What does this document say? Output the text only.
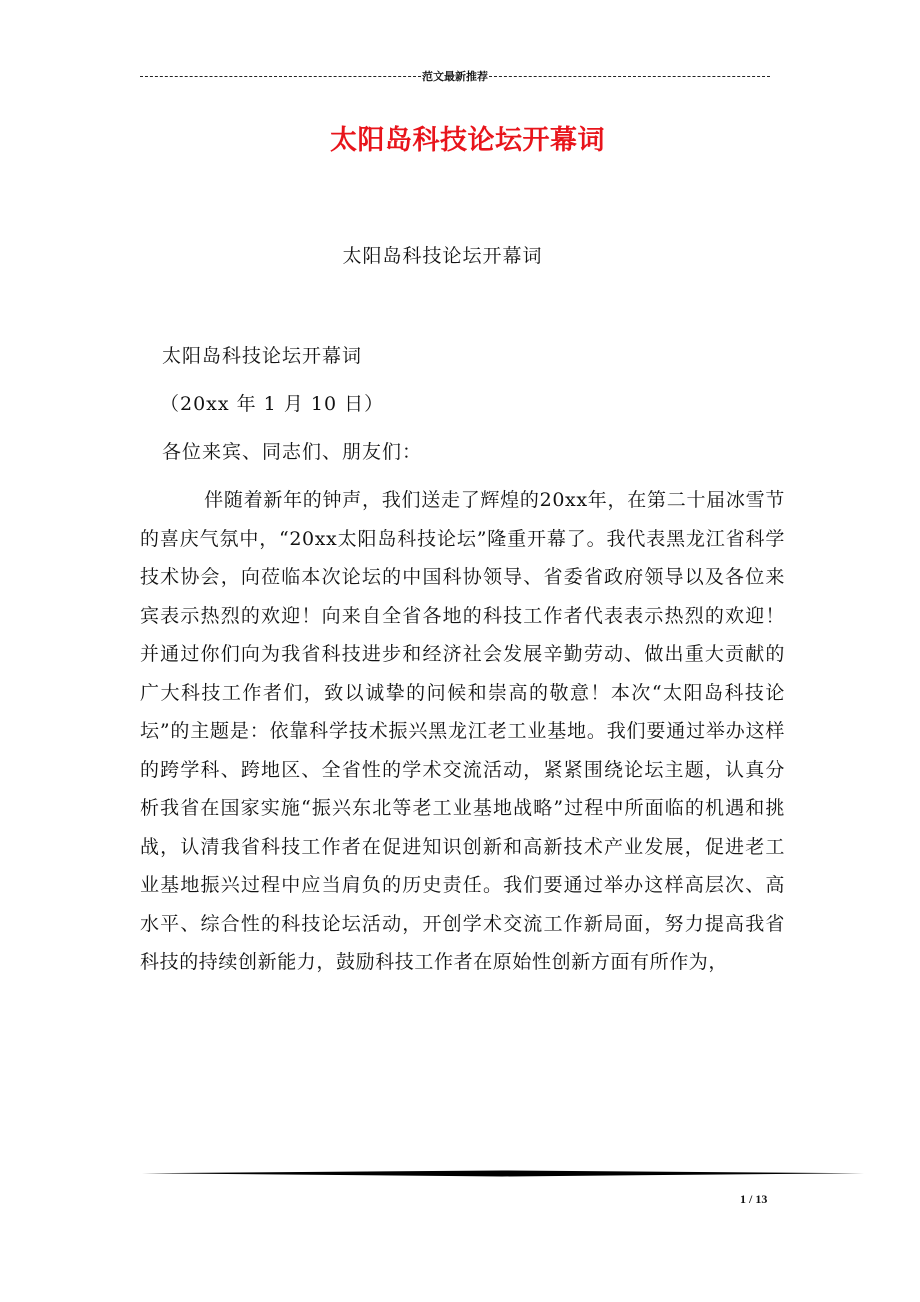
范文最新推荐
太阳岛科技论坛开幕词
太阳岛科技论坛开幕词
太阳岛科技论坛开幕词
（20xx 年 1 月 10 日）
各位来宾、同志们、朋友们：
伴随着新年的钟声，我们送走了辉煌的20xx年，在第二十届冰雪节的喜庆气氛中，“20xx太阳岛科技论坛”隆重开幕了。我代表黑龙江省科学技术协会，向莅临本次论坛的中国科协领导、省委省政府领导以及各位来宾表示热烈的欢迎！向来自全省各地的科技工作者代表表示热烈的欢迎！并通过你们向为我省科技进步和经济社会发展辛勤劳动、做出重大贡献的广大科技工作者们，致以诚挚的问候和崇高的敬意！本次“太阳岛科技论坛”的主题是：依靠科学技术振兴黑龙江老工业基地。我们要通过举办这样的跨学科、跨地区、全省性的学术交流活动，紧紧围绕论坛主题，认真分析我省在国家实施“振兴东北等老工业基地战略”过程中所面临的机遇和挑战，认清我省科技工作者在促进知识创新和高新技术产业发展，促进老工业基地振兴过程中应当肩负的历史责任。我们要通过举办这样高层次、高水平、综合性的科技论坛活动，开创学术交流工作新局面，努力提高我省科技的持续创新能力，鼓励科技工作者在原始性创新方面有所作为，
1 / 13
